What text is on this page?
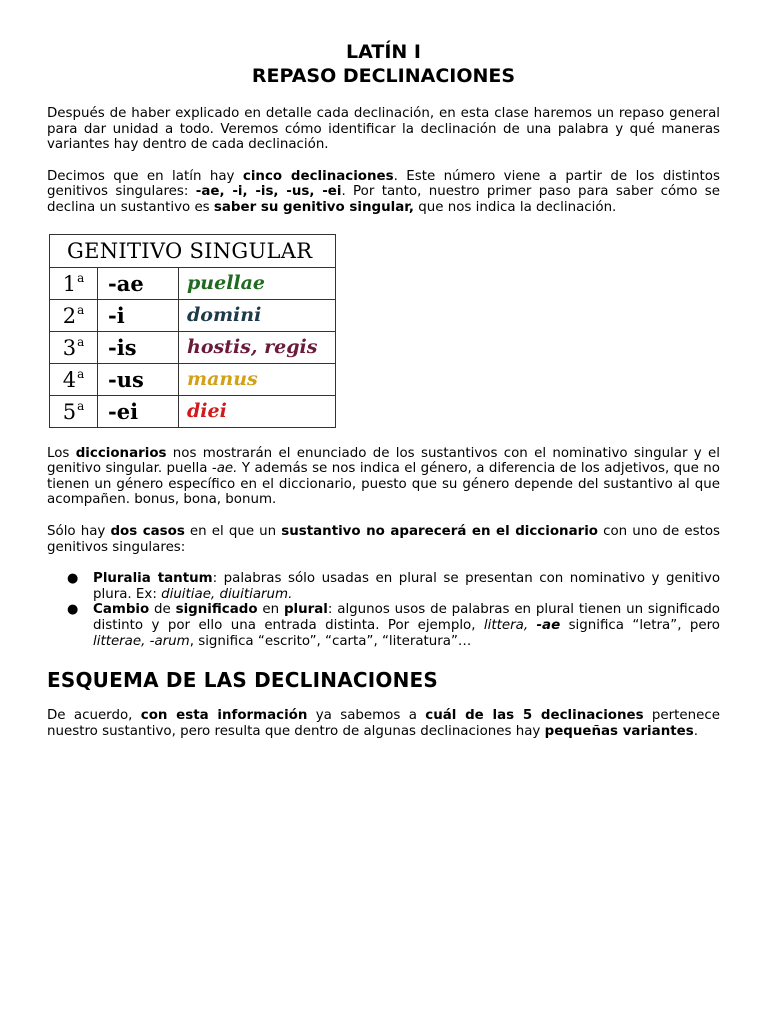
LATÍN I

REPASO DECLINACIONES

Después de haber explicado en detalle cada declinación, en esta clase haremos un repaso general para dar unidad a todo. Veremos cómo identificar la declinación de una palabra y qué maneras variantes hay dentro de cada declinación.

Decimos que en latín hay cinco declinaciones. Este número viene a partir de los distintos genitivos singulares: -ae, -i, -is, -us, -ei. Por tanto, nuestro primer paso para saber cómo se declina un sustantivo es saber su genitivo singular, que nos indica la declinación.

GENITIVO SINGULAR		
1$^a$	-ae	puellae
2$^a$	-i	domini
3$^a$	-is	hostis, regis
4$^a$	-us	manus
5$^a$	-ei	diei

Los diccionarios nos mostrarán el enunciado de los sustantivos con el nominativo singular y el genitivo singular. puella -ae. Y además se nos indica el género, a diferencia de los adjetivos, que no tienen un género específico en el diccionario, puesto que su género depende del sustantivo al que acompañen. bonus, bona, bonum.

Sólo hay dos casos en el que un sustantivo no aparecerá en el diccionario con uno de estos genitivos singulares:

● Pluralia tantum: palabras sólo usadas en plural se presentan con nominativo y genitivo plura. Ex: diuitiae, diuitiarum.
● Cambio de significado en plural: algunos usos de palabras en plural tienen un significado distinto y por ello una entrada distinta. Por ejemplo, littera, -ae significa “letra”, pero litterae, -arum, significa “escrito”, “carta”, “literatura”…
ESQUEMA DE LAS DECLINACIONES

De acuerdo, con esta información ya sabemos a cuál de las 5 declinaciones pertenece nuestro sustantivo, pero resulta que dentro de algunas declinaciones hay pequeñas variantes.
